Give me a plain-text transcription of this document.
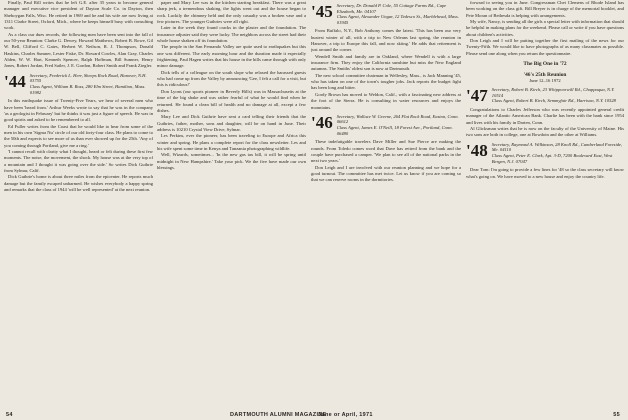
Finally, Paul Rill writes that he left G.E. after 35 years to become general manager and executive vice president of Dayton Scale Co. in Dayton, then Sheboygan Falls, Wisc. He retired in 1969 and he and his wife are now living at 1311 Clarke Street, Oxford, Mich., where he keeps himself busy with consulting work.

As a class our dues records, the following men have been sent into the fall of our 50-year Reunion: Clarke G. Dewey, Howard Matthews, Robert B. Rowe, Gil W. Bell, Clifford C. Gates, Herbert W. Neilson, R. J. Thompson, Donald Haskins, Charles Sumner, Lester Fiske, Dr. Howard Cowles, Alan Gray, Charles Alden, W. W. Hart, Kenneth Spencer, Ralph Hoffman, Bill Sumner, Henry Jones, Robert Jordan, Fred Sailer, J. E. Gordon, Robert Smith and Frank Ziegler.

'44 Secretary, Frederick L. Herr, Sheeps Rock Road, Hanover, N.H. 03755
Class Agent, William B. Ross, 280 Elm Street, Hamilton, Mass. 01982

In this earthquake issue of Twenty-Five Years, we hear of several men who have been 'heard from.' Arthur Weeks wrote to say that he was in the company 'as a geologist in February' but he thinks it was just a figure of speech. He was in good spirits and asked to be remembered to all.

Ed Fuller writes from the Coast that he would like to hear from some of the men in his own 'Sigma Nu' circle of our old forty-four class. He plans to come to the 50th and expects to see more of us than ever showed up for the 25th. 'Any of you coming through Portland, give me a ring.'

'I cannot recall with clarity what I thought, heard or felt during these first few moments. The noise, the movement, the shock. My house was at the very top of a mountain and I thought it was going over the side.' So writes Dick Guthrie from Sylmar, Calif.

Dick Guthrie's home is about three miles from the epicenter. He reports much damage but the family escaped unharmed. He wishes everybody a happy spring and remarks that the class of 1944 'will be well represented' at the next reunion.

paper and Mary Lee was in the kitchen starting breakfast. There was a great sharp jerk, a tremendous shaking, the lights went out and the house began to rock. Luckily the chimney held and the only casualty was a broken vase and a few pictures. The younger Guthries were all right.

Later in the week they found cracks in the plaster and the foundation. The insurance adjuster said they were lucky. The neighbors across the street had their whole house shaken off its foundation.

The people in the San Fernando Valley are quite used to earthquakes but this one was different. The early morning hour and the duration made it especially frightening. Paul Hagen writes that his house in the hills came through with only minor damage.

Dick tells of a colleague on the south slope who relaxed the harassed guests who had come up from the Valley by announcing 'Gee, I felt a call for a visit, but this is ridiculous!'

Don Lyons (our sports pioneer in Beverly Hills) was in Massachusetts at the time of the big shake and was rather fearful of what he would find when he returned. He found a clean bill of health and no damage at all, except a few dishes.

Mary Lee and Dick Guthrie have sent a card telling their friends that the Guthries, father, mother, sons and daughter, will be on hand in June. Their address is 10210 Crystal View Drive, Sylmar.

Les Perkins, ever the pioneer, has been traveling to Europe and Africa this winter and spring. He plans a complete report for the class newsletter. Les and his wife spent some time in Kenya and Tanzania photographing wildlife.

Well, Wizards, sometimes... 'In the new gas tax bill, it will be spring until midnight in New Hampshire.' Take your pick. We the five have made our own blessings.

'45 Secretary, Dr. Donald P. Cole, 55 Cottage Farms Rd., Cape Elizabeth, Me. 04107
Class Agent, Alexander Ungar, 12 Tedesco St., Marblehead, Mass. 01945

From Buffalo, N.Y., Bob Anthony comes the latest. 'This has been our very busiest winter of all, with a trip to New Orleans last spring, the reunion in Hanover, a trip to Europe this fall, and now skiing.' He adds that retirement is just around the corner.

Wendell Smith and family are in Oakland, where Wendell is with a large insurance firm. They enjoy the California sunshine but miss the New England autumns. The Smiths' oldest son is now at Dartmouth.

The new school committee chairman in Wellesley, Mass., is Jack Manning '45, who has taken on one of the town's tougher jobs. Jack reports the budget fight has been long and bitter.

Gordy Brown has moved to Weldon, Calif., with a fascinating new address at the foot of the Sierra. He is consulting in water resources and enjoys the mountains.

'46 Secretary, Wallace W. Greene, 264 Flat Rock Road, Easton, Conn. 06612
Class Agent, James E. O'Neill, 18 Forest Ave., Portland, Conn. 06480

These indefatigable travelers Dave Miller and Sue Pierce are making the rounds. From Toledo comes word that Dave has retired from the bank and the couple have purchased a camper. 'We plan to see all of the national parks in the next two years.'

Don Leigh and I are involved with our reunion planning and we hope for a good turnout. The committee has met twice. Let us know if you are coming so that we can reserve rooms in the dormitories.

forward to seeing you in June. Congressman Chet Clemens of Rhode Island has been working on the class gift. Bill Breyer is in charge of the memorial booklet, and Pete Moran of Bethesda is helping with arrangements.

My wife, Nancy, is sending all the girls a special letter with information that should be helpful in making plans for the weekend. Please call or write if you have questions about children's activities.

Don Leigh and I will be putting together the first mailing of the news for our Twenty-Fifth. We would like to have photographs of as many classmates as possible. Please send one along when you return the questionnaire.

The Big One in '72
'46's 25th Reunion
June 12–16 1972
'47 Secretary, Robert B. Kirch, 23 Whippoorwill Rd., Chappaqua, N.Y. 10514
Class Agent, Robert B. Kirch, Semmyfair Rd., Harrison, N.Y. 10528

Congratulations to Charles Jefferson who was recently appointed general credit manager of the Atlantic American Bank. Charlie has been with the bank since 1954 and lives with his family in Darien, Conn.

Al Glicksman writes that he is now on the faculty of the University of Maine. His two sons are both in college, one at Bowdoin and the other at Williams.

'48 Secretary, Raymond A. Wilkinson, 28 Knoll Rd., Cumberland Foreside, Me. 04110
Class Agent, Peter E. Clark, Apt. 3-D, 7200 Boulevard East, West Bergen, N.J. 07047

Dear Tom: I'm going to provide a few lines for '48 so the class secretary will know what's going on. We have moved to a new house and enjoy the country life.

54	DARTMOUTH ALUMNI MAGAZINE
June or April, 1971	55
